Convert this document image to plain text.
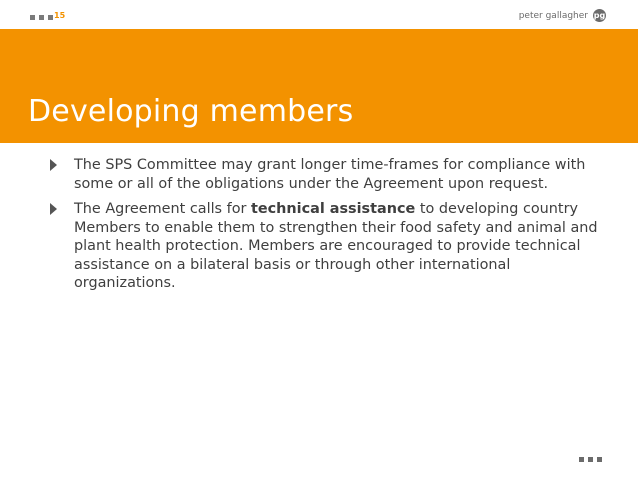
15	peter gallagher pg
Developing members
The SPS Committee may grant longer time-frames for compliance with some or all of the obligations under the Agreement upon request.
The Agreement calls for technical assistance to developing country Members to enable them to strengthen their food safety and animal and plant health protection. Members are encouraged to provide technical assistance on a bilateral basis or through other international organizations.
